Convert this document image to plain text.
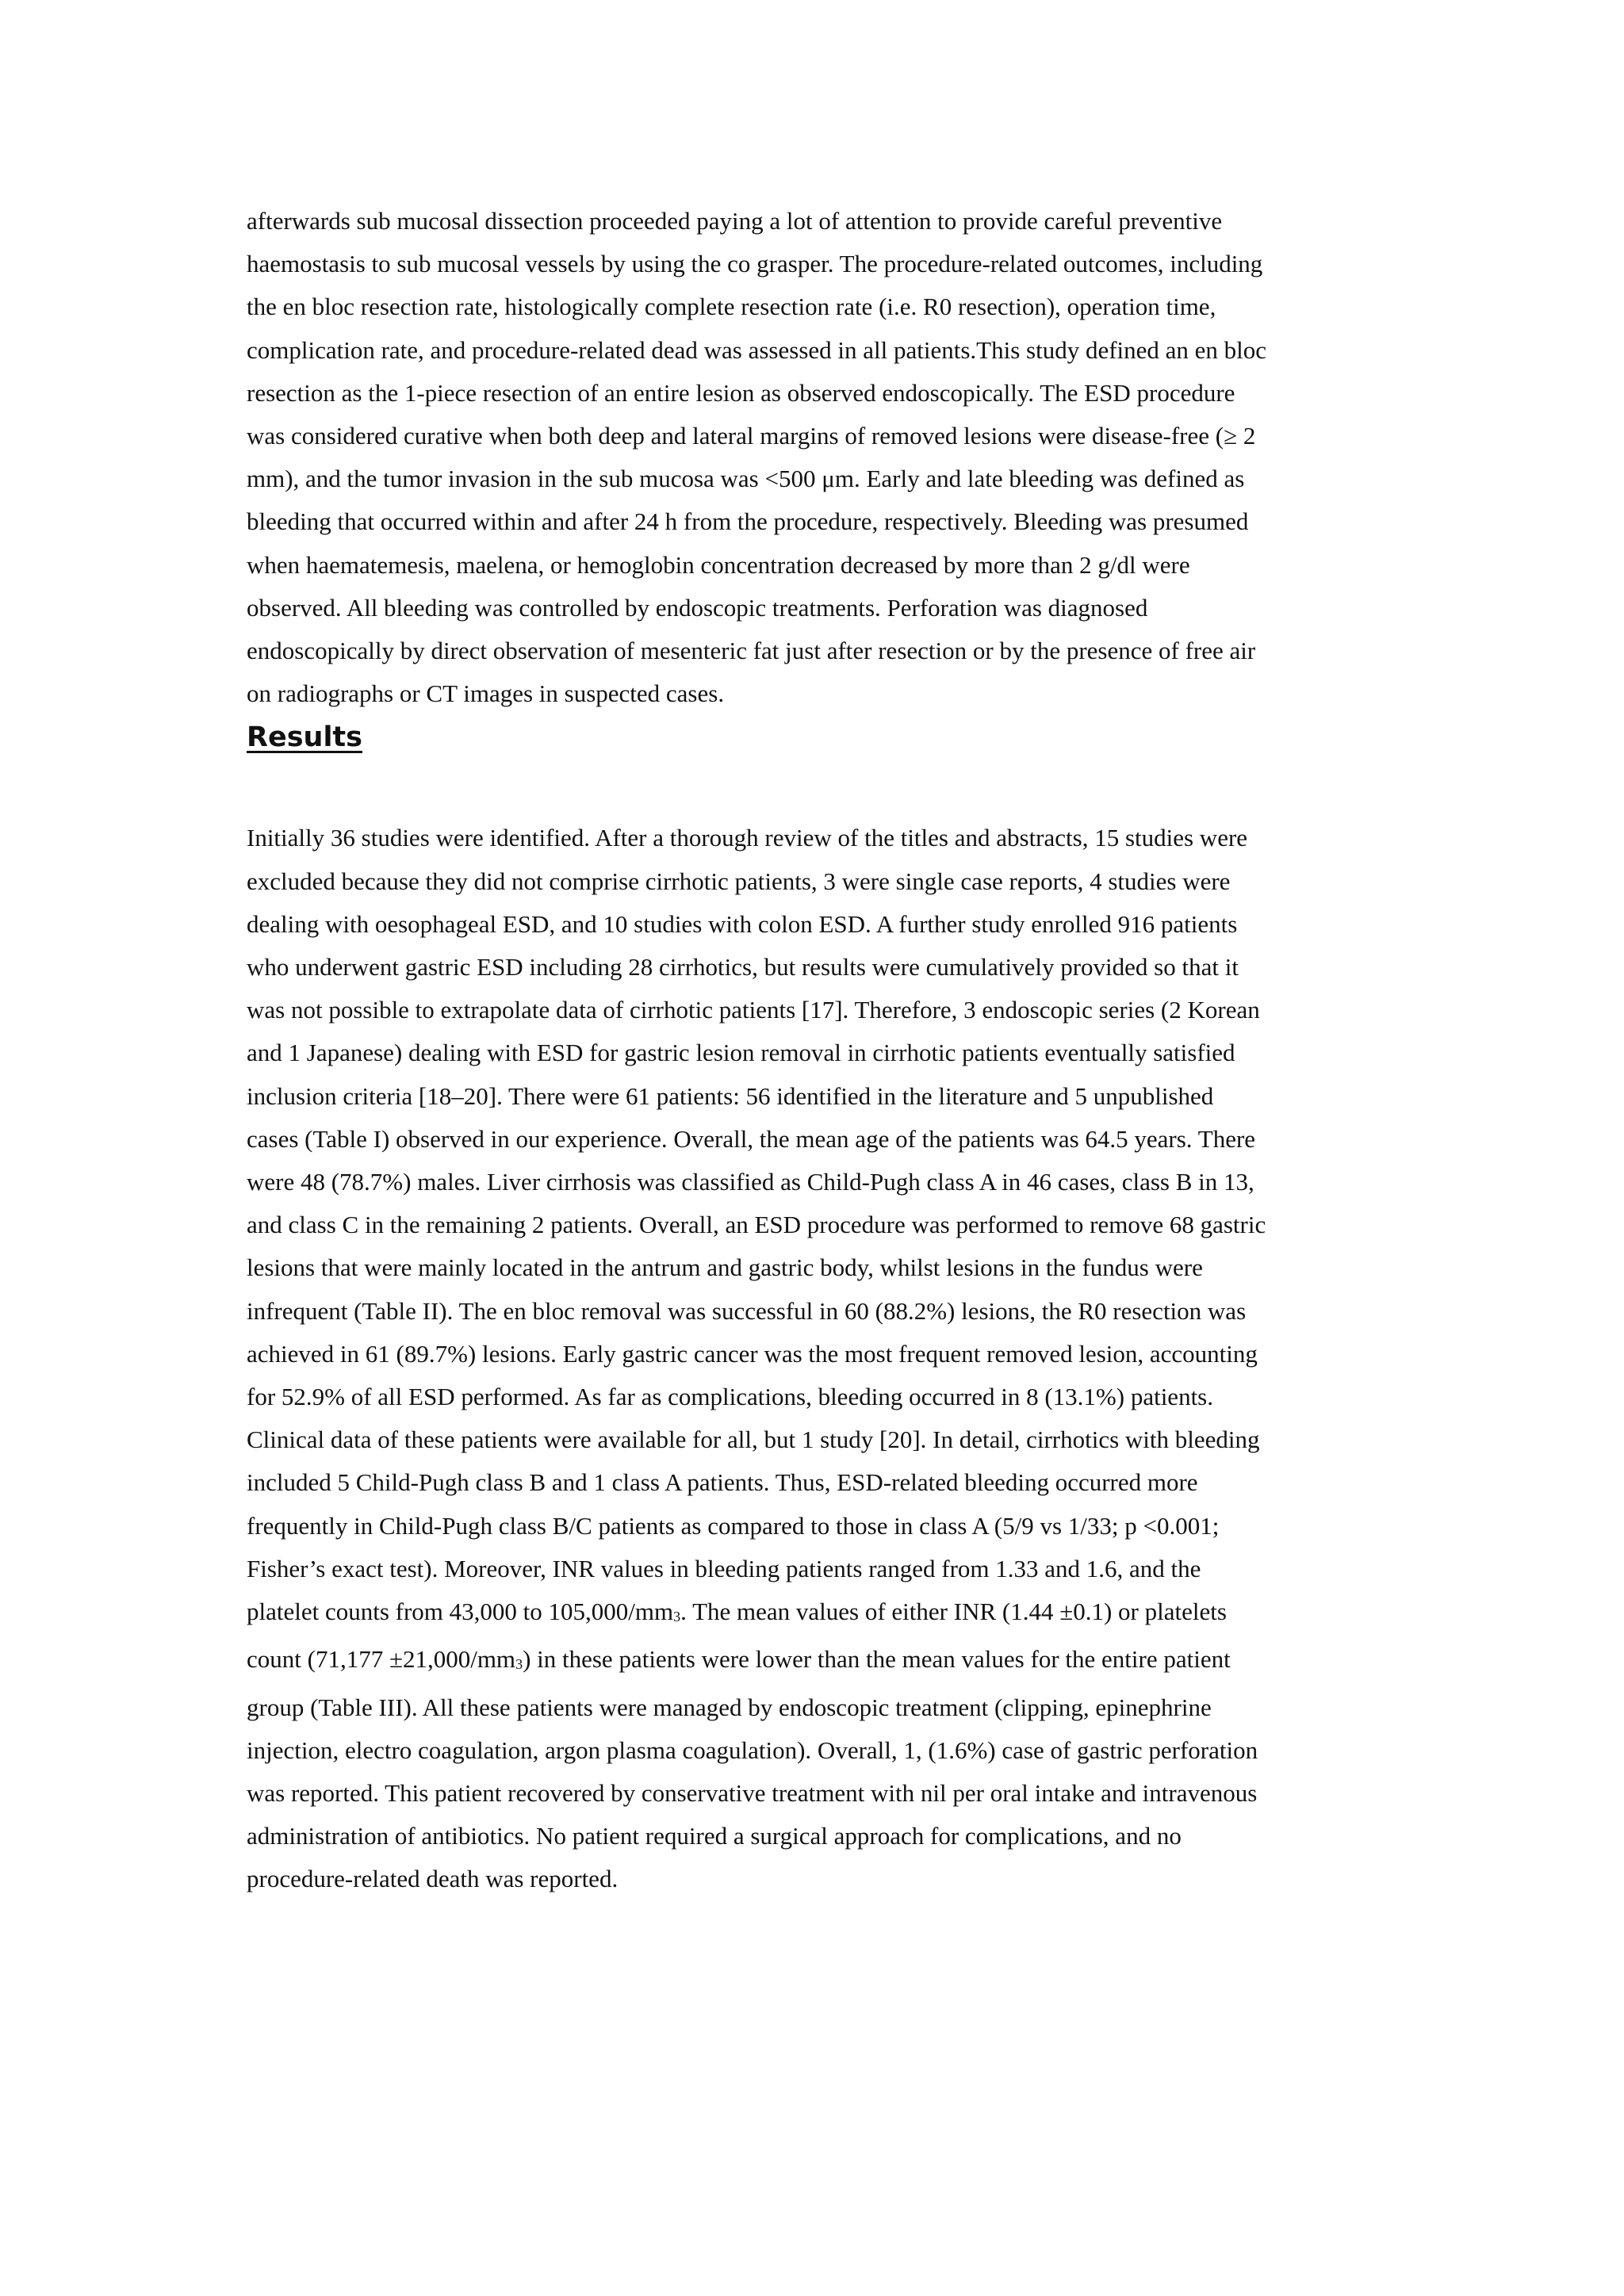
afterwards sub mucosal dissection proceeded paying a lot of attention to provide careful preventive
haemostasis to sub mucosal vessels by using the co grasper. The procedure-related outcomes, including
the en bloc resection rate, histologically complete resection rate (i.e. R0 resection), operation time,
complication rate, and procedure-related dead was assessed in all patients.This study defined an en bloc
resection as the 1-piece resection of an entire lesion as observed endoscopically. The ESD procedure
was considered curative when both deep and lateral margins of removed lesions were disease-free (≥ 2
mm), and the tumor invasion in the sub mucosa was <500 μm. Early and late bleeding was defined as
bleeding that occurred within and after 24 h from the procedure, respectively. Bleeding was presumed
when haematemesis, maelena, or hemoglobin concentration decreased by more than 2 g/dl were
observed. All bleeding was controlled by endoscopic treatments. Perforation was diagnosed
endoscopically by direct observation of mesenteric fat just after resection or by the presence of free air
on radiographs or CT images in suspected cases.
Results
Initially 36 studies were identified. After a thorough review of the titles and abstracts, 15 studies were
excluded because they did not comprise cirrhotic patients, 3 were single case reports, 4 studies were
dealing with oesophageal ESD, and 10 studies with colon ESD. A further study enrolled 916 patients
who underwent gastric ESD including 28 cirrhotics, but results were cumulatively provided so that it
was not possible to extrapolate data of cirrhotic patients [17]. Therefore, 3 endoscopic series (2 Korean
and 1 Japanese) dealing with ESD for gastric lesion removal in cirrhotic patients eventually satisfied
inclusion criteria [18–20]. There were 61 patients: 56 identified in the literature and 5 unpublished
cases (Table I) observed in our experience. Overall, the mean age of the patients was 64.5 years. There
were 48 (78.7%) males. Liver cirrhosis was classified as Child-Pugh class A in 46 cases, class B in 13,
and class C in the remaining 2 patients. Overall, an ESD procedure was performed to remove 68 gastric
lesions that were mainly located in the antrum and gastric body, whilst lesions in the fundus were
infrequent (Table II). The en bloc removal was successful in 60 (88.2%) lesions, the R0 resection was
achieved in 61 (89.7%) lesions. Early gastric cancer was the most frequent removed lesion, accounting
for 52.9% of all ESD performed. As far as complications, bleeding occurred in 8 (13.1%) patients.
Clinical data of these patients were available for all, but 1 study [20]. In detail, cirrhotics with bleeding
included 5 Child-Pugh class B and 1 class A patients. Thus, ESD-related bleeding occurred more
frequently in Child-Pugh class B/C patients as compared to those in class A (5/9 vs 1/33; p <0.001;
Fisher’s exact test). Moreover, INR values in bleeding patients ranged from 1.33 and 1.6, and the
platelet counts from 43,000 to 105,000/mm3. The mean values of either INR (1.44 ±0.1) or platelets
count (71,177 ±21,000/mm3) in these patients were lower than the mean values for the entire patient
group (Table III). All these patients were managed by endoscopic treatment (clipping, epinephrine
injection, electro coagulation, argon plasma coagulation). Overall, 1, (1.6%) case of gastric perforation
was reported. This patient recovered by conservative treatment with nil per oral intake and intravenous
administration of antibiotics. No patient required a surgical approach for complications, and no
procedure-related death was reported.
